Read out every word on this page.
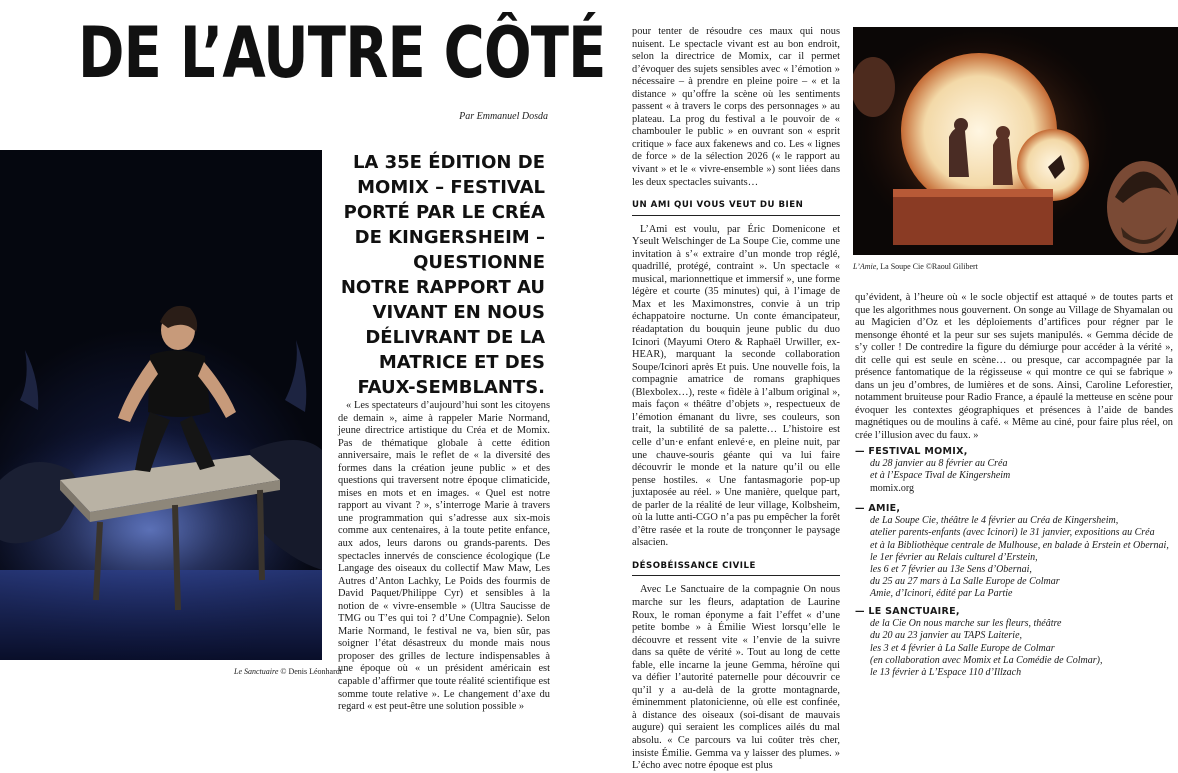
DE L’AUTRE CÔTÉ
Par Emmanuel Dosda
LA 35E ÉDITION DE MOMIX – FESTIVAL PORTÉ PAR LE CRÉA DE KINGERSHEIM – QUESTIONNE NOTRE RAPPORT AU VIVANT EN NOUS DÉLIVRANT DE LA MATRICE ET DES FAUX-SEMBLANTS.
Le Sanctuaire © Denis Léonhardt
L’Amie, La Soupe Cie ©Raoul Gilibert

« Les spectateurs d’aujourd’hui sont les citoyens de demain », aime à rappeler Marie Normand, jeune directrice artistique du Créa et de Momix. Pas de thématique globale à cette édition anniversaire, mais le reflet de « la diversité des formes dans la création jeune public » et des questions qui traversent notre époque climaticide, mises en mots et en images. « Quel est notre rapport au vivant ? », s’interroge Marie à travers une programmation qui s’adresse aux six-mois comme aux centenaires, à la toute petite enfance, aux ados, leurs darons ou grands-parents. Des spectacles innervés de conscience écologique (Le Langage des oiseaux du collectif Maw Maw, Les Autres d’Anton Lachky, Le Poids des fourmis de David Paquet/Philippe Cyr) et sensibles à la notion de « vivre-ensemble » (Ultra Saucisse de TMG ou T’es qui toi ? d’Une Compagnie). Selon Marie Normand, le festival ne va, bien sûr, pas soigner l’état désastreux du monde mais nous proposer des grilles de lecture indispensables à une époque où « un président américain est capable d’affirmer que toute réalité scientifique est somme toute relative ». Le changement d’axe du regard « est peut-être une solution possible »

pour tenter de résoudre ces maux qui nous nuisent. Le spectacle vivant est au bon endroit, selon la directrice de Momix, car il permet d’évoquer des sujets sensibles avec « l’émotion » nécessaire – à prendre en pleine poire – « et la distance » qu’offre la scène où les sentiments passent « à travers le corps des personnages » au plateau. La prog du festival a le pouvoir de « chambouler le public » en ouvrant son « esprit critique » face aux fakenews and co. Les « lignes de force » de la sélection 2026 (« le rapport au vivant » et le « vivre-ensemble ») sont liées dans les deux spectacles suivants…

UN AMI QUI VOUS VEUT DU BIEN

L’Ami est voulu, par Éric Domenicone et Yseult Welschinger de La Soupe Cie, comme une invitation à s’« extraire d’un monde trop réglé, quadrillé, protégé, contraint ». Un spectacle « musical, marionnettique et immersif », une forme légère et courte (35 minutes) qui, à l’image de Max et les Maximonstres, convie à un trip échappatoire nocturne. Un conte émancipateur, réadaptation du bouquin jeune public du duo Icinori (Mayumi Otero & Raphaël Urwiller, ex-HEAR), marquant la seconde collaboration Soupe/Icinori après Et puis. Une nouvelle fois, la compagnie amatrice de romans graphiques (Blexbolex…), reste « fidèle à l’album original », mais façon « théâtre d’objets », respectueux de l’émotion émanant du livre, ses couleurs, son trait, la subtilité de sa palette… L’histoire est celle d’un·e enfant enlevé·e, en pleine nuit, par une chauve-souris géante qui va lui faire découvrir le monde et la nature qu’il ou elle pense hostiles. « Une fantasmagorie pop-up juxtaposée au réel. » Une manière, quelque part, de parler de la réalité de leur village, Kolbsheim, où la lutte anti-CGO n’a pas pu empêcher la forêt d’être rasée et la route de tronçonner le paysage alsacien.

DÉSOBÉISSANCE CIVILE

Avec Le Sanctuaire de la compagnie On nous marche sur les fleurs, adaptation de Laurine Roux, le roman éponyme a fait l’effet « d’une petite bombe » à Émilie Wiest lorsqu’elle le découvre et ressent vite « l’envie de la suivre dans sa quête de vérité ». Tout au long de cette fable, elle incarne la jeune Gemma, héroïne qui va défier l’autorité paternelle pour découvrir ce qu’il y a au-delà de la grotte montagnarde, éminemment platonicienne, où elle est confinée, à distance des oiseaux (soi-disant de mauvais augure) qui seraient les complices ailés du mal absolu. « Ce parcours va lui coûter très cher, insiste Émilie. Gemma va y laisser des plumes. » L’écho avec notre époque est plus

qu’évident, à l’heure où « le socle objectif est attaqué » de toutes parts et que les algorithmes nous gouvernent. On songe au Village de Shyamalan ou au Magicien d’Oz et les déploiements d’artifices pour régner par le mensonge éhonté et la peur sur ses sujets manipulés. « Gemma décide de s’y coller ! De contredire la figure du démiurge pour accéder à la vérité », dit celle qui est seule en scène… ou presque, car accompagnée par la présence fantomatique de la régisseuse « qui montre ce qui se fabrique » dans un jeu d’ombres, de lumières et de sons. Ainsi, Caroline Leforestier, notamment bruiteuse pour Radio France, a épaulé la metteuse en scène pour évoquer les contextes géographiques et présences à l’aide de bandes magnétiques ou de moulins à café. « Même au ciné, pour faire plus réel, on crée l’illusion avec du faux. »

— FESTIVAL MOMIX,
du 28 janvier au 8 février au Créa
et à l’Espace Tival de Kingersheim
momix.org
— AMIE,
de La Soupe Cie, théâtre le 4 février au Créa de Kingersheim,
atelier parents-enfants (avec Icinori) le 31 janvier, expositions au Créa
et à la Bibliothèque centrale de Mulhouse, en balade à Erstein et Obernai,
le 1er février au Relais culturel d’Erstein,
les 6 et 7 février au 13e Sens d’Obernai,
du 25 au 27 mars à La Salle Europe de Colmar
Amie, d’Icinori, édité par La Partie
— LE SANCTUAIRE,
de la Cie On nous marche sur les fleurs, théâtre
du 20 au 23 janvier au TAPS Laiterie,
les 3 et 4 février à La Salle Europe de Colmar
(en collaboration avec Momix et La Comédie de Colmar),
le 13 février à L’Espace 110 d’Illzach
